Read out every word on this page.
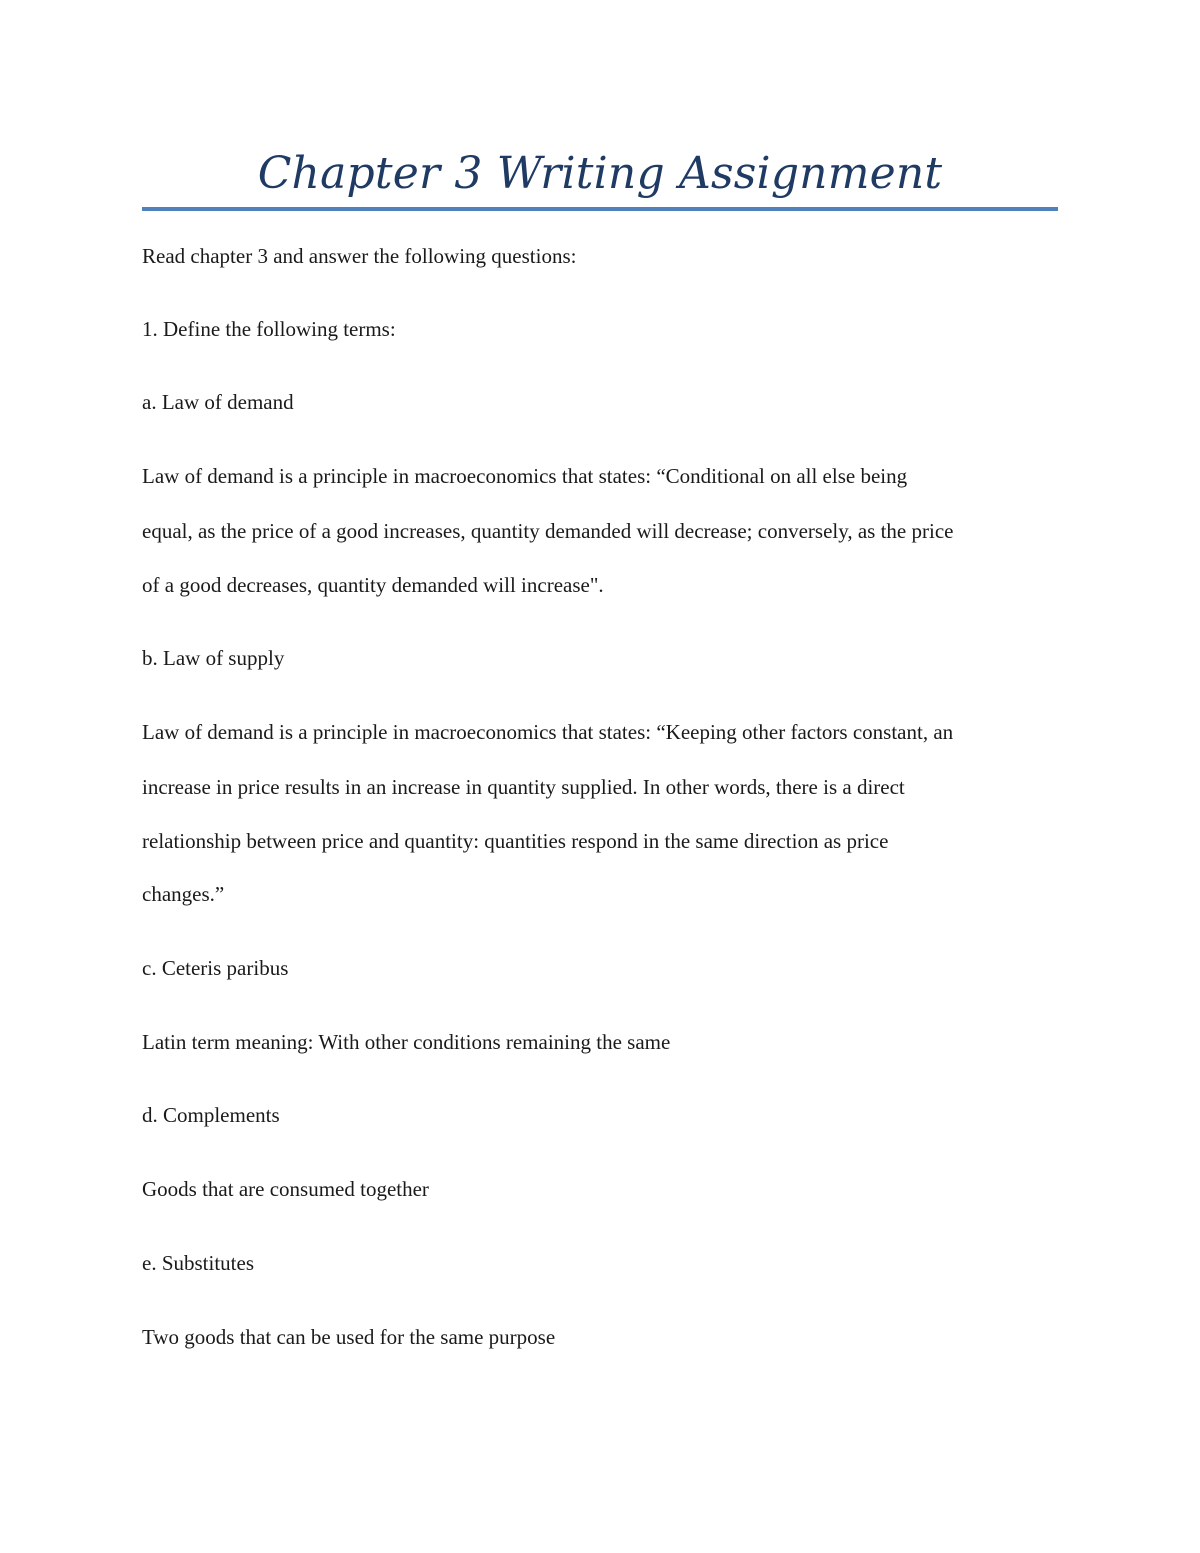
Chapter 3 Writing Assignment
Read chapter 3 and answer the following questions:
1. Define the following terms:
a. Law of demand
Law of demand is a principle in macroeconomics that states: “Conditional on all else being
equal, as the price of a good increases, quantity demanded will decrease; conversely, as the price
of a good decreases, quantity demanded will increase".
b. Law of supply
Law of demand is a principle in macroeconomics that states: “Keeping other factors constant, an
increase in price results in an increase in quantity supplied. In other words, there is a direct
relationship between price and quantity: quantities respond in the same direction as price
changes.”
c. Ceteris paribus
Latin term meaning: With other conditions remaining the same
d. Complements
Goods that are consumed together
e. Substitutes
Two goods that can be used for the same purpose
